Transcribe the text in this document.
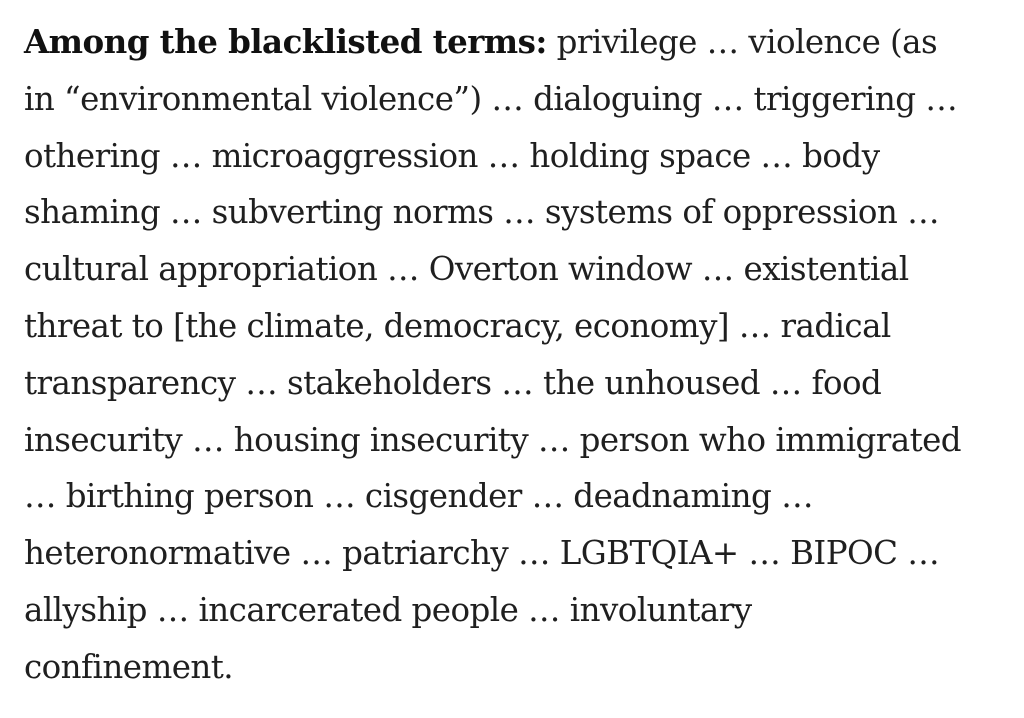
Among the blacklisted terms: privilege … violence (as
in “environmental violence”) … dialoguing … triggering …
othering … microaggression … holding space … body
shaming … subverting norms … systems of oppression …
cultural appropriation … Overton window … existential
threat to [the climate, democracy, economy] … radical
transparency … stakeholders … the unhoused … food
insecurity … housing insecurity … person who immigrated
… birthing person … cisgender … deadnaming …
heteronormative … patriarchy … LGBTQIA+ … BIPOC …
allyship … incarcerated people … involuntary
confinement.
